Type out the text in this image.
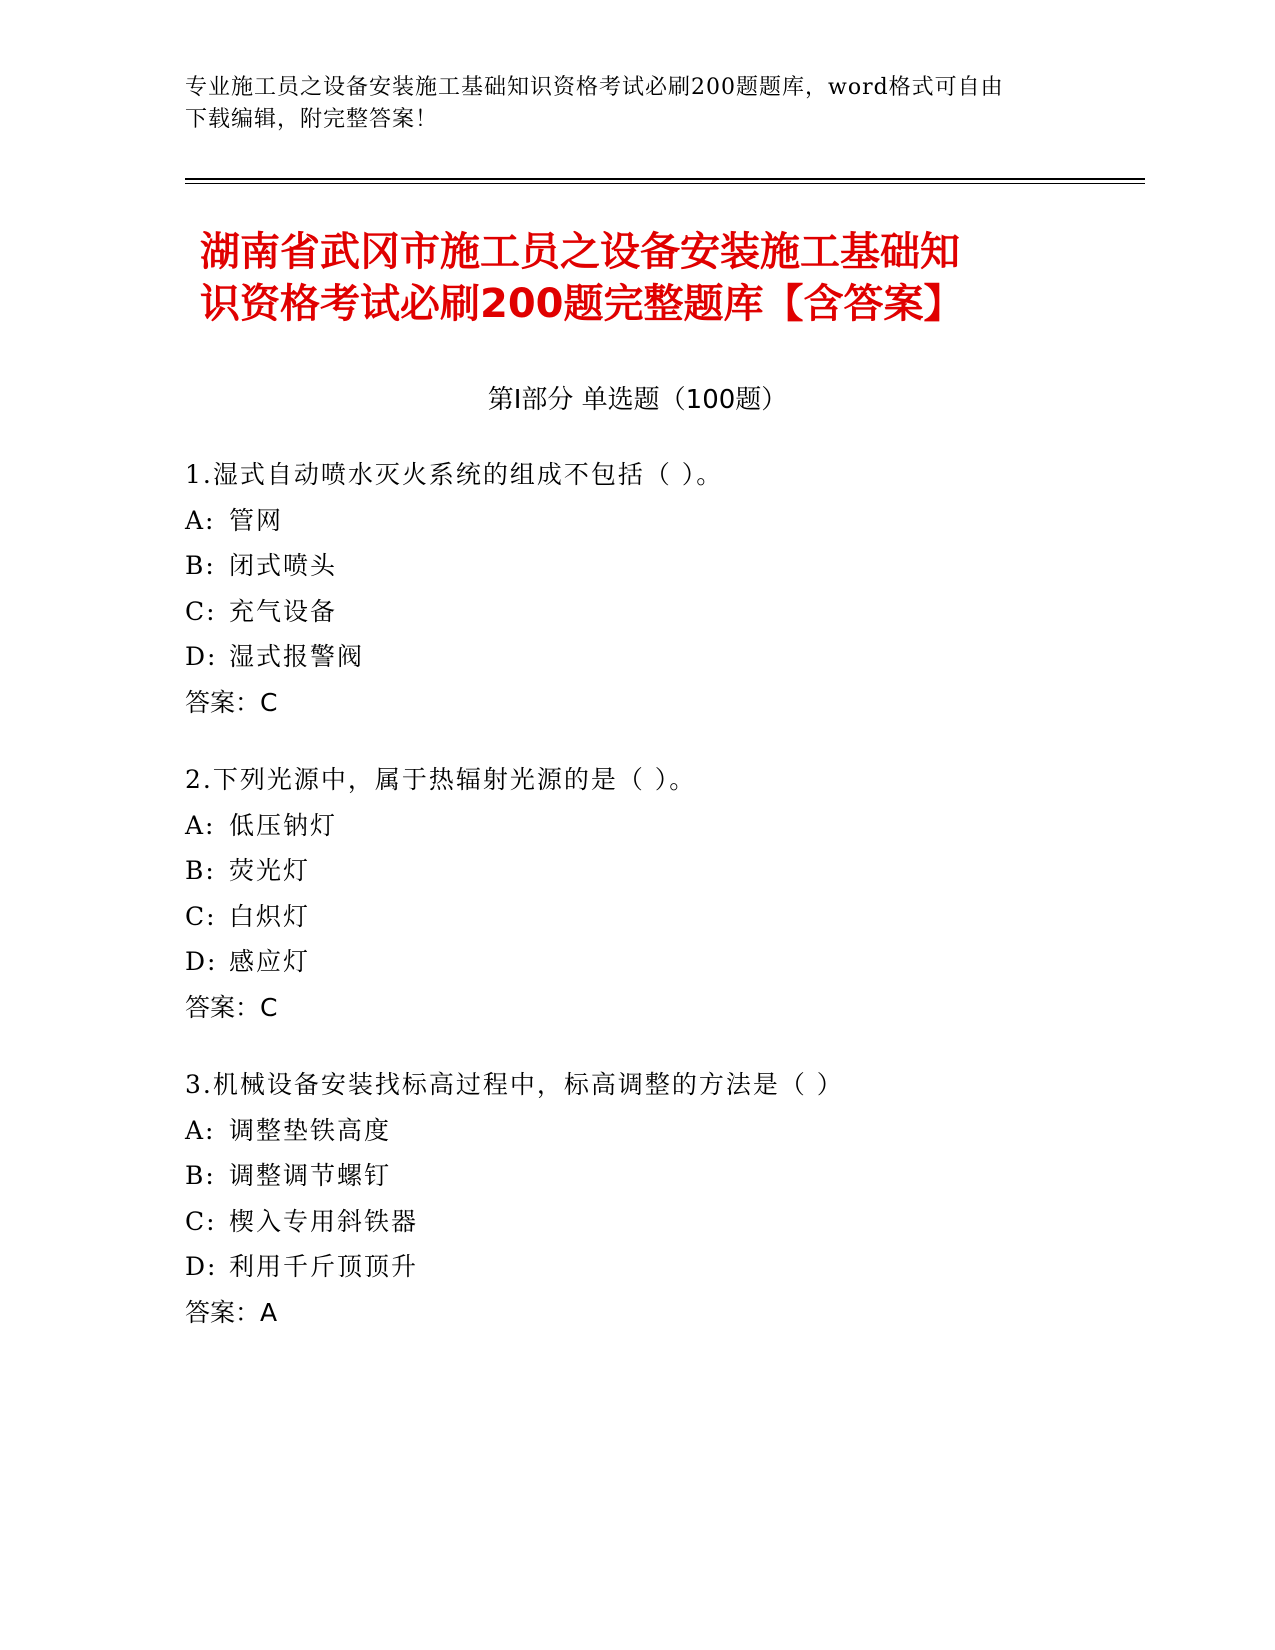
专业施工员之设备安装施工基础知识资格考试必刷200题题库，word格式可自由
下载编辑，附完整答案！
湖南省武冈市施工员之设备安装施工基础知
识资格考试必刷200题完整题库【含答案】
第Ⅰ部分 单选题（100题）
1.湿式自动喷水灭火系统的组成不包括（ ）。
A: 管网
B: 闭式喷头
C: 充气设备
D: 湿式报警阀
答案：C
2.下列光源中，属于热辐射光源的是（ ）。
A: 低压钠灯
B: 荧光灯
C: 白炽灯
D: 感应灯
答案：C
3.机械设备安装找标高过程中，标高调整的方法是（ ）
A: 调整垫铁高度
B: 调整调节螺钉
C: 楔入专用斜铁器
D: 利用千斤顶顶升
答案：A
